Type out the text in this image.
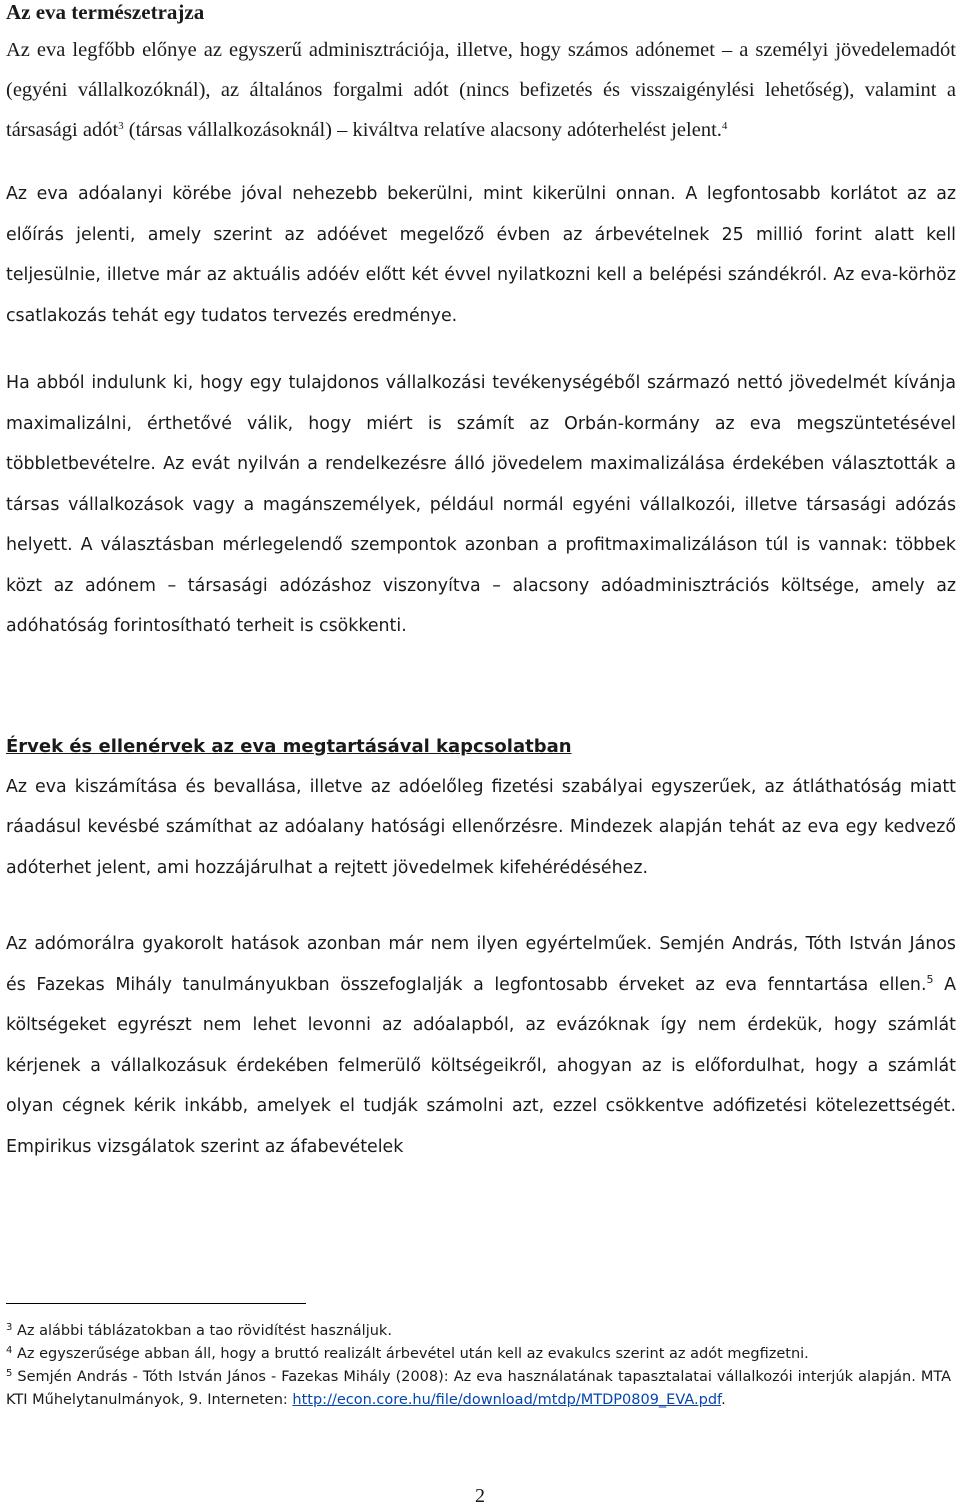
Az eva természetrajza

Az eva legfőbb előnye az egyszerű adminisztrációja, illetve, hogy számos adónemet – a személyi jövedelemadót (egyéni vállalkozóknál), az általános forgalmi adót (nincs befizetés és visszaigénylési lehetőség), valamint a társasági adót$^3$ (társas vállalkozásoknál) – kiváltva relatíve alacsony adóterhelést jelent.$^4$

Az eva adóalanyi körébe jóval nehezebb bekerülni, mint kikerülni onnan. A legfontosabb korlátot az az előírás jelenti, amely szerint az adóévet megelőző évben az árbevételnek 25 millió forint alatt kell teljesülnie, illetve már az aktuális adóév előtt két évvel nyilatkozni kell a belépési szándékról. Az eva-körhöz csatlakozás tehát egy tudatos tervezés eredménye.

Ha abból indulunk ki, hogy egy tulajdonos vállalkozási tevékenységéből származó nettó jövedelmét kívánja maximalizálni, érthetővé válik, hogy miért is számít az Orbán-kormány az eva megszüntetésével többletbevételre. Az evát nyilván a rendelkezésre álló jövedelem maximalizálása érdekében választották a társas vállalkozások vagy a magánszemélyek, például normál egyéni vállalkozói, illetve társasági adózás helyett. A választásban mérlegelendő szempontok azonban a profitmaximalizáláson túl is vannak: többek közt az adónem – társasági adózáshoz viszonyítva – alacsony adóadminisztrációs költsége, amely az adóhatóság forintosítható terheit is csökkenti.

Érvek és ellenérvek az eva megtartásával kapcsolatban

Az eva kiszámítása és bevallása, illetve az adóelőleg fizetési szabályai egyszerűek, az átláthatóság miatt ráadásul kevésbé számíthat az adóalany hatósági ellenőrzésre. Mindezek alapján tehát az eva egy kedvező adóterhet jelent, ami hozzájárulhat a rejtett jövedelmek kifehérédéséhez.

Az adómorálra gyakorolt hatások azonban már nem ilyen egyértelműek. Semjén András, Tóth István János és Fazekas Mihály tanulmányukban összefoglalják a legfontosabb érveket az eva fenntartása ellen.$^5$ A költségeket egyrészt nem lehet levonni az adóalapból, az evázóknak így nem érdekük, hogy számlát kérjenek a vállalkozásuk érdekében felmerülő költségeikről, ahogyan az is előfordulhat, hogy a számlát olyan cégnek kérik inkább, amelyek el tudják számolni azt, ezzel csökkentve adófizetési kötelezettségét. Empirikus vizsgálatok szerint az áfabevételek

$^3$ Az alábbi táblázatokban a tao rövidítést használjuk.

$^4$ Az egyszerűsége abban áll, hogy a bruttó realizált árbevétel után kell az evakulcs szerint az adót megfizetni.

$^5$ Semjén András - Tóth István János - Fazekas Mihály (2008): Az eva használatának tapasztalatai vállalkozói interjúk alapján. MTA KTI Műhelytanulmányok, 9. Interneten: http://econ.core.hu/file/download/mtdp/MTDP0809_EVA.pdf.

2
